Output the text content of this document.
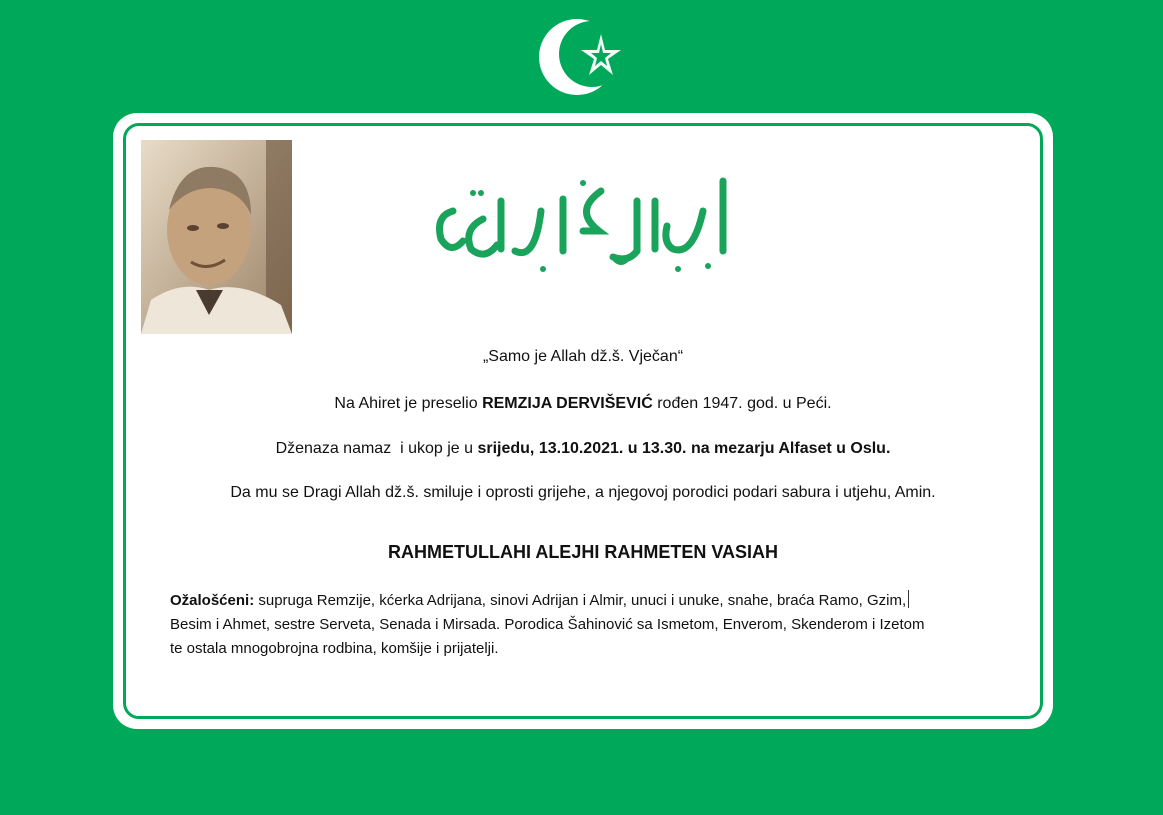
„Samo je Allah dž.š. Vječan“
Na Ahiret je preselio REMZIJA DERVIŠEVIĆ rođen 1947. god. u Peći.
Dženaza namaz  i ukop je u srijedu, 13.10.2021. u 13.30. na mezarju Alfaset u Oslu.
Da mu se Dragi Allah dž.š. smiluje i oprosti grijehe, a njegovoj porodici podari sabura i utjehu, Amin.
RAHMETULLAHI ALEJHI RAHMETEN VASIAH
Ožalošćeni: supruga Remzije, kćerka Adrijana, sinovi Adrijan i Almir, unuci i unuke, snahe, braća Ramo, Gzim,
Besim i Ahmet, sestre Serveta, Senada i Mirsada. Porodica Šahinović sa Ismetom, Enverom, Skenderom i Izetom
te ostala mnogobrojna rodbina, komšije i prijatelji.
